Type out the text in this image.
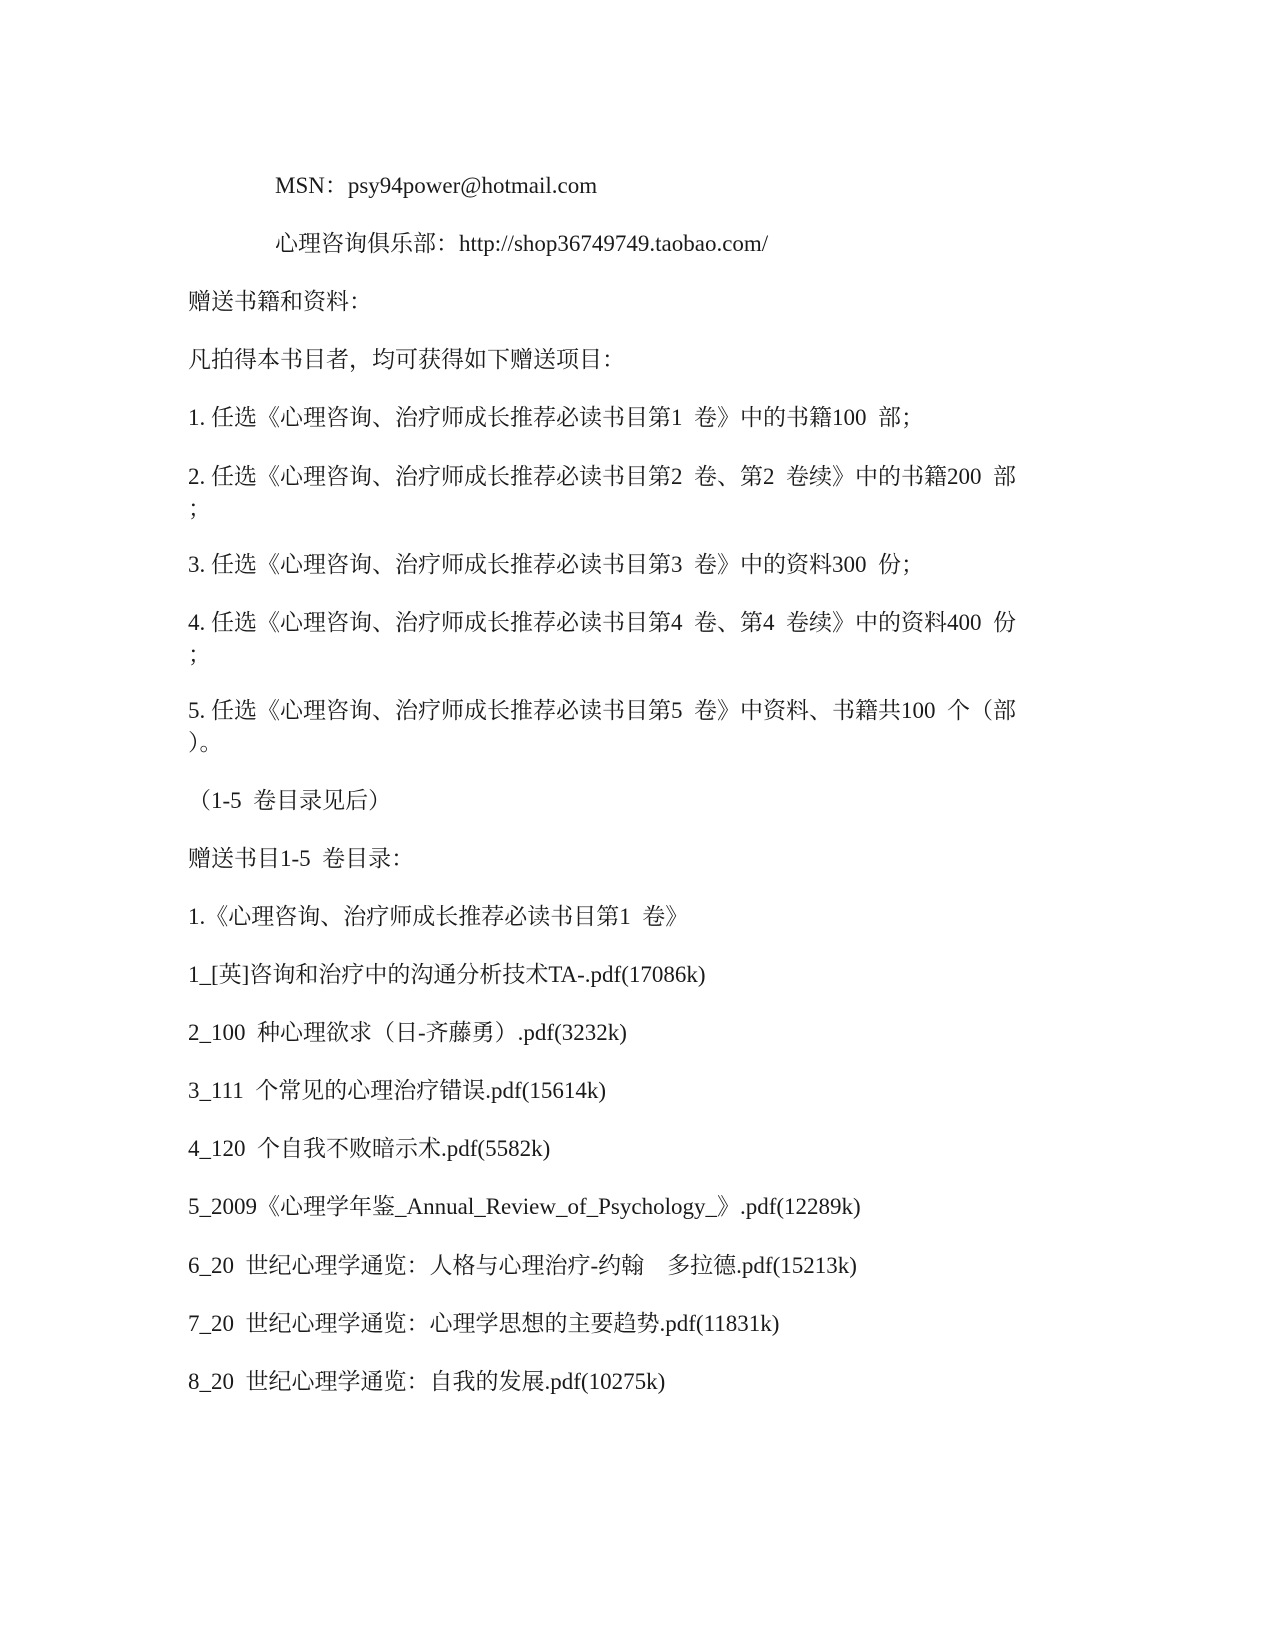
MSN：psy94power@hotmail.com
心理咨询俱乐部：http://shop36749749.taobao.com/
赠送书籍和资料：
凡拍得本书目者，均可获得如下赠送项目：
1. 任选《心理咨询、治疗师成长推荐必读书目第1  卷》中的书籍100  部；
2. 任选《心理咨询、治疗师成长推荐必读书目第2  卷、第2  卷续》中的书籍200  部
；
3. 任选《心理咨询、治疗师成长推荐必读书目第3  卷》中的资料300  份；
4. 任选《心理咨询、治疗师成长推荐必读书目第4  卷、第4  卷续》中的资料400  份
；
5. 任选《心理咨询、治疗师成长推荐必读书目第5  卷》中资料、书籍共100  个（部
）。
（1-5  卷目录见后）
赠送书目1-5  卷目录：
1.《心理咨询、治疗师成长推荐必读书目第1  卷》
1_[英]咨询和治疗中的沟通分析技术TA-.pdf(17086k)
2_100  种心理欲求（日-齐藤勇）.pdf(3232k)
3_111  个常见的心理治疗错误.pdf(15614k)
4_120  个自我不败暗示术.pdf(5582k)
5_2009《心理学年鉴_Annual_Review_of_Psychology_》.pdf(12289k)
6_20  世纪心理学通览：人格与心理治疗-约翰    多拉德.pdf(15213k)
7_20  世纪心理学通览：心理学思想的主要趋势.pdf(11831k)
8_20  世纪心理学通览：自我的发展.pdf(10275k)
